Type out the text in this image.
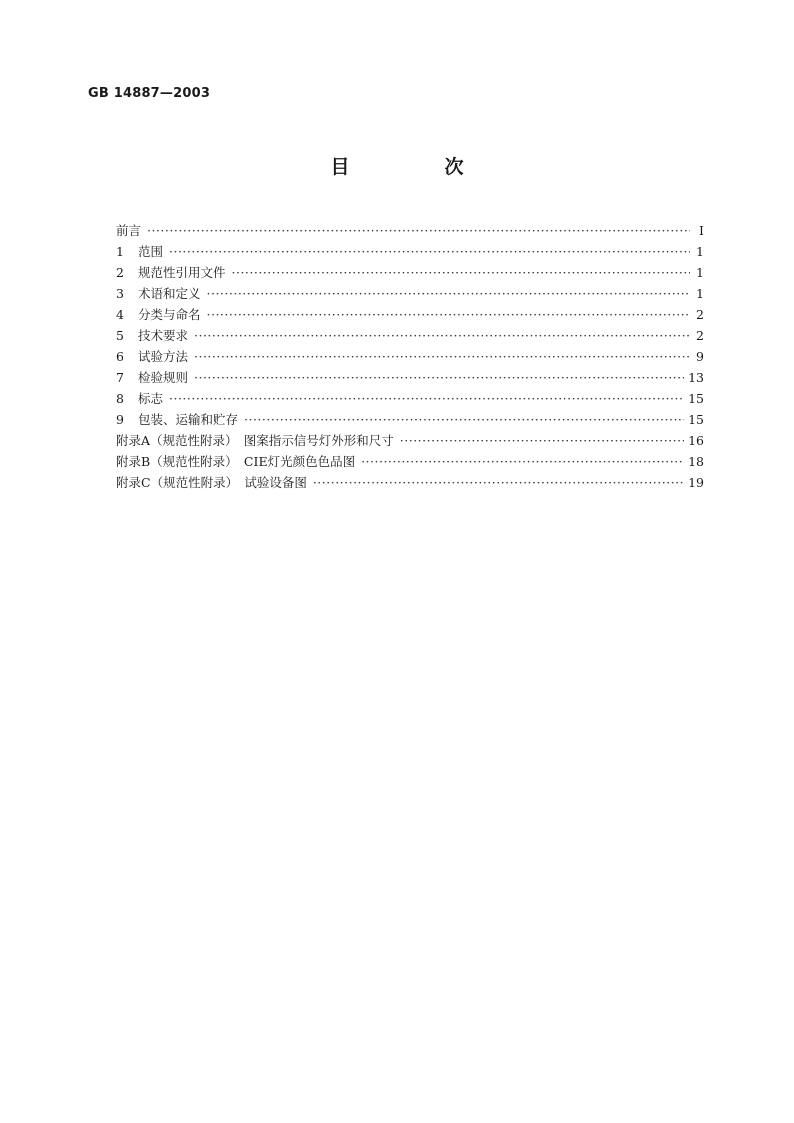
GB 14887—2003
目　次
前言 ·····	Ⅰ
1	范围 ·····	1
2	规范性引用文件 ·····	1
3	术语和定义 ·····	1
4	分类与命名 ·····	2
5	技术要求 ·····	2
6	试验方法 ·····	9
7	检验规则 ·····	13
8	标志 ·····	15
9	包装、运输和贮存 ·····	15
附录A（规范性附录）　图案指示信号灯外形和尺寸 ·····	16
附录B（规范性附录）　CIE灯光颜色色品图 ·····	18
附录C（规范性附录）　试验设备图 ·····	19
